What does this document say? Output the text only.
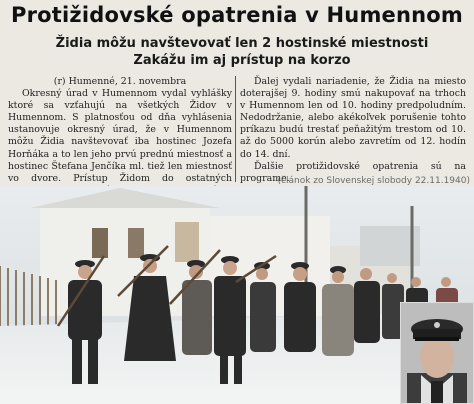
Protižidovské opatrenia v Humennom
Židia môžu navštevovať len 2 hostinské miestnosti
Zakážu im aj prístup na korzo

(r) Humenné, 21. novembra

Okresný úrad v Humennom vydal vyhlášky ktoré sa vzťahujú na všetkých Židov v Humennom. S platnosťou od dňa vyhlásenia ustanovuje okresný úrad, že v Humennom môžu Židia navštevovať iba hostinec Jozefa Horňáka a to len jeho prvú prednú miestnosť a hostinec Štefana Jenčíka ml. tiež len miestnosť vo dvore. Prístup Židom do ostatných

Ďalej vydali nariadenie, že Židia na miesto doterajšej 9. hodiny smú nakupovať na trhoch v Humennom len od 10. hodiny predpoludním. Nedodržanie, alebo akékoľvek porušenie tohto príkazu budú trestať peňažitým trestom od 10. až do 5000 korún alebo zavretím od 12. hodín do 14. dní.

Ďalšie protižidovské opatrenia sú na programe.

(článok zo Slovenskej slobody 22.11.1940)
